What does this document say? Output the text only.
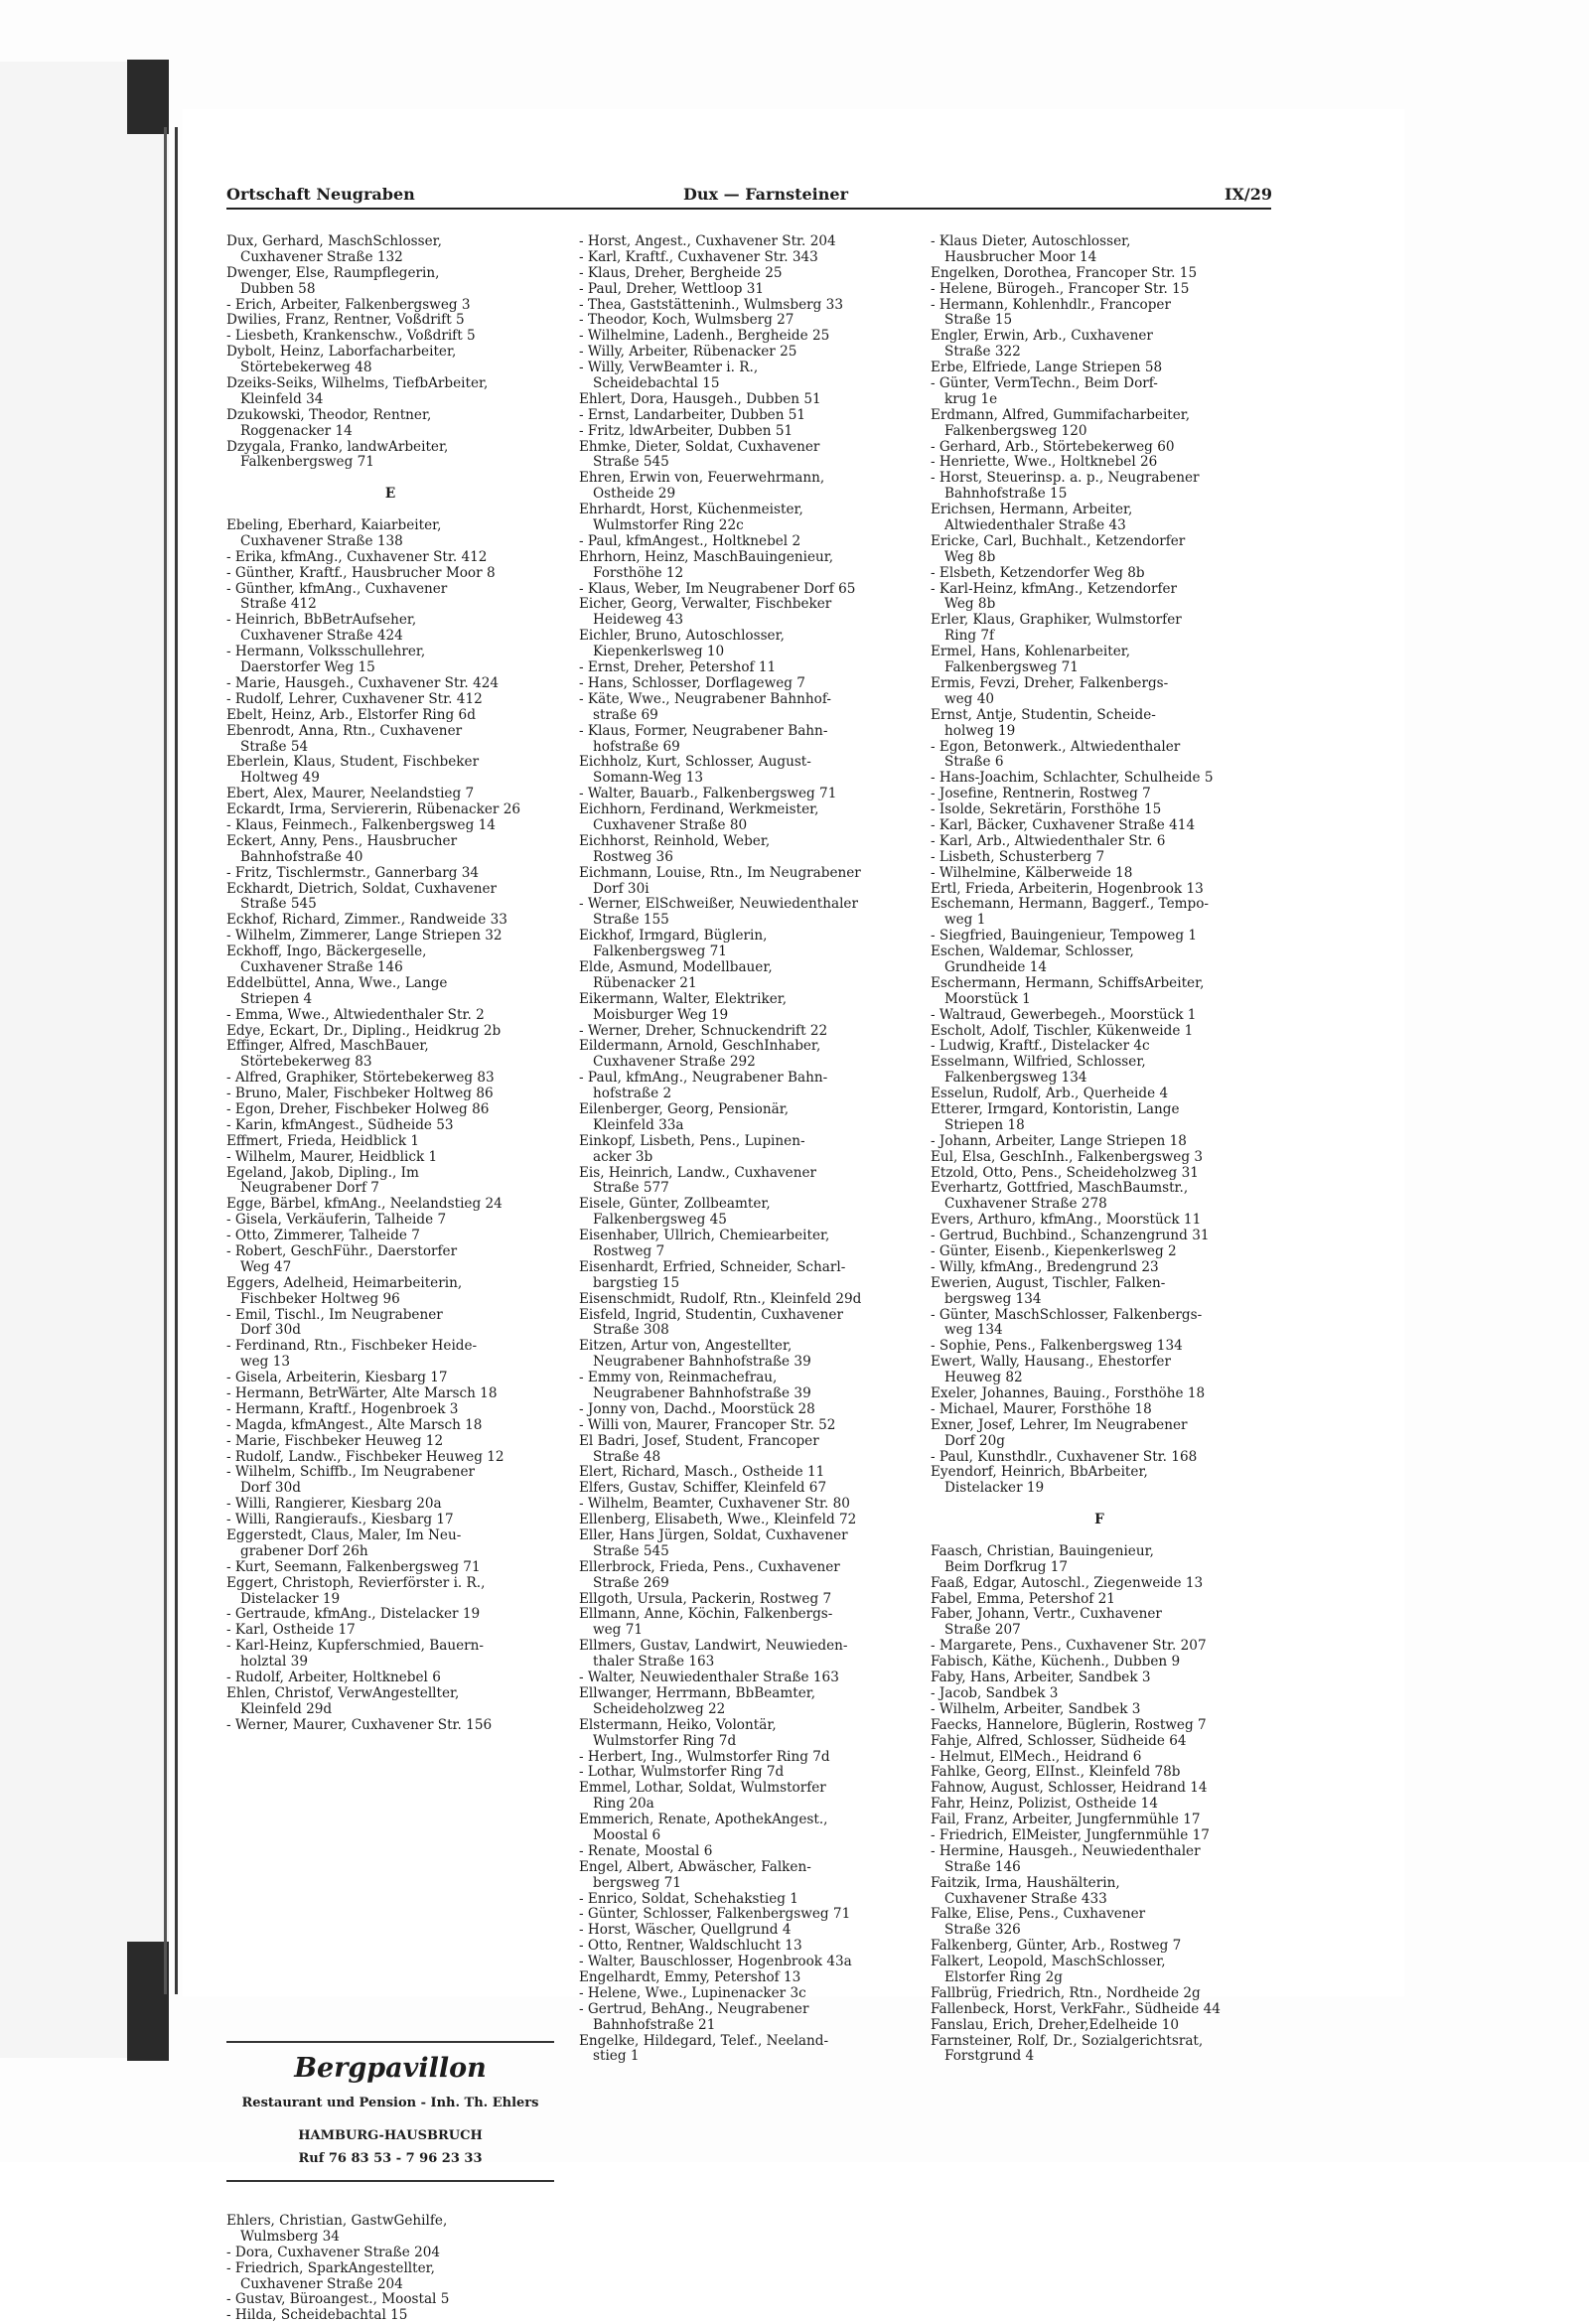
Ortschaft Neugraben	Dux — Farnsteiner	IX/29
Dux, Gerhard, MaschSchlosser,
Cuxhavener Straße 132
Dwenger, Else, Raumpflegerin,
Dubben 58
- Erich, Arbeiter, Falkenbergsweg 3
Dwilies, Franz, Rentner, Voßdrift 5
- Liesbeth, Krankenschw., Voßdrift 5
Dybolt, Heinz, Laborfacharbeiter,
Störtebekerweg 48
Dzeiks-Seiks, Wilhelms, TiefbArbeiter,
Kleinfeld 34
Dzukowski, Theodor, Rentner,
Roggenacker 14
Dzygala, Franko, landwArbeiter,
Falkenbergsweg 71
E
Ebeling, Eberhard, Kaiarbeiter,
Cuxhavener Straße 138
- Erika, kfmAng., Cuxhavener Str. 412
- Günther, Kraftf., Hausbrucher Moor 8
- Günther, kfmAng., Cuxhavener
Straße 412
- Heinrich, BbBetrAufseher,
Cuxhavener Straße 424
- Hermann, Volksschullehrer,
Daerstorfer Weg 15
- Marie, Hausgeh., Cuxhavener Str. 424
- Rudolf, Lehrer, Cuxhavener Str. 412
Ebelt, Heinz, Arb., Elstorfer Ring 6d
Ebenrodt, Anna, Rtn., Cuxhavener
Straße 54
Eberlein, Klaus, Student, Fischbeker
Holtweg 49
Ebert, Alex, Maurer, Neelandstieg 7
Eckardt, Irma, Serviererin, Rübenacker 26
- Klaus, Feinmech., Falkenbergsweg 14
Eckert, Anny, Pens., Hausbrucher
Bahnhofstraße 40
- Fritz, Tischlermstr., Gannerbarg 34
Eckhardt, Dietrich, Soldat, Cuxhavener
Straße 545
Eckhof, Richard, Zimmer., Randweide 33
- Wilhelm, Zimmerer, Lange Striepen 32
Eckhoff, Ingo, Bäckergeselle,
Cuxhavener Straße 146
Eddelbüttel, Anna, Wwe., Lange
Striepen 4
- Emma, Wwe., Altwiedenthaler Str. 2
Edye, Eckart, Dr., Dipling., Heidkrug 2b
Effinger, Alfred, MaschBauer,
Störtebekerweg 83
- Alfred, Graphiker, Störtebekerweg 83
- Bruno, Maler, Fischbeker Holtweg 86
- Egon, Dreher, Fischbeker Holweg 86
- Karin, kfmAngest., Südheide 53
Effmert, Frieda, Heidblick 1
- Wilhelm, Maurer, Heidblick 1
Egeland, Jakob, Dipling., Im
Neugrabener Dorf 7
Egge, Bärbel, kfmAng., Neelandstieg 24
- Gisela, Verkäuferin, Talheide 7
- Otto, Zimmerer, Talheide 7
- Robert, GeschFühr., Daerstorfer
Weg 47
Eggers, Adelheid, Heimarbeiterin,
Fischbeker Holtweg 96
- Emil, Tischl., Im Neugrabener
Dorf 30d
- Ferdinand, Rtn., Fischbeker Heide-
weg 13
- Gisela, Arbeiterin, Kiesbarg 17
- Hermann, BetrWärter, Alte Marsch 18
- Hermann, Kraftf., Hogenbroek 3
- Magda, kfmAngest., Alte Marsch 18
- Marie, Fischbeker Heuweg 12
- Rudolf, Landw., Fischbeker Heuweg 12
- Wilhelm, Schiffb., Im Neugrabener
Dorf 30d
- Willi, Rangierer, Kiesbarg 20a
- Willi, Rangieraufs., Kiesbarg 17
Eggerstedt, Claus, Maler, Im Neu-
grabener Dorf 26h
- Kurt, Seemann, Falkenbergsweg 71
Eggert, Christoph, Revierförster i. R.,
Distelacker 19
- Gertraude, kfmAng., Distelacker 19
- Karl, Ostheide 17
- Karl-Heinz, Kupferschmied, Bauern-
holztal 39
- Rudolf, Arbeiter, Holtknebel 6
Ehlen, Christof, VerwAngestellter,
Kleinfeld 29d
- Werner, Maurer, Cuxhavener Str. 156
Bergpavillon
Restaurant und Pension - Inh. Th. Ehlers
HAMBURG-HAUSBRUCH
Ruf 76 83 53 - 7 96 23 33
Ehlers, Christian, GastwGehilfe,
Wulmsberg 34
- Dora, Cuxhavener Straße 204
- Friedrich, SparkAngestellter,
Cuxhavener Straße 204
- Gustav, Büroangest., Moostal 5
- Hilda, Scheidebachtal 15
- Horst, Angest., Cuxhavener Str. 204
- Karl, Kraftf., Cuxhavener Str. 343
- Klaus, Dreher, Bergheide 25
- Paul, Dreher, Wettloop 31
- Thea, Gaststätteninh., Wulmsberg 33
- Theodor, Koch, Wulmsberg 27
- Wilhelmine, Ladenh., Bergheide 25
- Willy, Arbeiter, Rübenacker 25
- Willy, VerwBeamter i. R.,
Scheidebachtal 15
Ehlert, Dora, Hausgeh., Dubben 51
- Ernst, Landarbeiter, Dubben 51
- Fritz, ldwArbeiter, Dubben 51
Ehmke, Dieter, Soldat, Cuxhavener
Straße 545
Ehren, Erwin von, Feuerwehrmann,
Ostheide 29
Ehrhardt, Horst, Küchenmeister,
Wulmstorfer Ring 22c
- Paul, kfmAngest., Holtknebel 2
Ehrhorn, Heinz, MaschBauingenieur,
Forsthöhe 12
- Klaus, Weber, Im Neugrabener Dorf 65
Eicher, Georg, Verwalter, Fischbeker
Heideweg 43
Eichler, Bruno, Autoschlosser,
Kiepenkerlsweg 10
- Ernst, Dreher, Petershof 11
- Hans, Schlosser, Dorflageweg 7
- Käte, Wwe., Neugrabener Bahnhof-
straße 69
- Klaus, Former, Neugrabener Bahn-
hofstraße 69
Eichholz, Kurt, Schlosser, August-
Somann-Weg 13
- Walter, Bauarb., Falkenbergsweg 71
Eichhorn, Ferdinand, Werkmeister,
Cuxhavener Straße 80
Eichhorst, Reinhold, Weber,
Rostweg 36
Eichmann, Louise, Rtn., Im Neugrabener
Dorf 30i
- Werner, ElSchweißer, Neuwiedenthaler
Straße 155
Eickhof, Irmgard, Büglerin,
Falkenbergsweg 71
Elde, Asmund, Modellbauer,
Rübenacker 21
Eikermann, Walter, Elektriker,
Moisburger Weg 19
- Werner, Dreher, Schnuckendrift 22
Eildermann, Arnold, GeschInhaber,
Cuxhavener Straße 292
- Paul, kfmAng., Neugrabener Bahn-
hofstraße 2
Eilenberger, Georg, Pensionär,
Kleinfeld 33a
Einkopf, Lisbeth, Pens., Lupinen-
acker 3b
Eis, Heinrich, Landw., Cuxhavener
Straße 577
Eisele, Günter, Zollbeamter,
Falkenbergsweg 45
Eisenhaber, Ullrich, Chemiearbeiter,
Rostweg 7
Eisenhardt, Erfried, Schneider, Scharl-
bargstieg 15
Eisenschmidt, Rudolf, Rtn., Kleinfeld 29d
Eisfeld, Ingrid, Studentin, Cuxhavener
Straße 308
Eitzen, Artur von, Angestellter,
Neugrabener Bahnhofstraße 39
- Emmy von, Reinmachefrau,
Neugrabener Bahnhofstraße 39
- Jonny von, Dachd., Moorstück 28
- Willi von, Maurer, Francoper Str. 52
El Badri, Josef, Student, Francoper
Straße 48
Elert, Richard, Masch., Ostheide 11
Elfers, Gustav, Schiffer, Kleinfeld 67
- Wilhelm, Beamter, Cuxhavener Str. 80
Ellenberg, Elisabeth, Wwe., Kleinfeld 72
Eller, Hans Jürgen, Soldat, Cuxhavener
Straße 545
Ellerbrock, Frieda, Pens., Cuxhavener
Straße 269
Ellgoth, Ursula, Packerin, Rostweg 7
Ellmann, Anne, Köchin, Falkenbergs-
weg 71
Ellmers, Gustav, Landwirt, Neuwieden-
thaler Straße 163
- Walter, Neuwiedenthaler Straße 163
Ellwanger, Herrmann, BbBeamter,
Scheideholzweg 22
Elstermann, Heiko, Volontär,
Wulmstorfer Ring 7d
- Herbert, Ing., Wulmstorfer Ring 7d
- Lothar, Wulmstorfer Ring 7d
Emmel, Lothar, Soldat, Wulmstorfer
Ring 20a
Emmerich, Renate, ApothekAngest.,
Moostal 6
- Renate, Moostal 6
Engel, Albert, Abwäscher, Falken-
bergsweg 71
- Enrico, Soldat, Schehakstieg 1
- Günter, Schlosser, Falkenbergsweg 71
- Horst, Wäscher, Quellgrund 4
- Otto, Rentner, Waldschlucht 13
- Walter, Bauschlosser, Hogenbrook 43a
Engelhardt, Emmy, Petershof 13
- Helene, Wwe., Lupinenacker 3c
- Gertrud, BehAng., Neugrabener
Bahnhofstraße 21
Engelke, Hildegard, Telef., Neeland-
stieg 1
- Klaus Dieter, Autoschlosser,
Hausbrucher Moor 14
Engelken, Dorothea, Francoper Str. 15
- Helene, Bürogeh., Francoper Str. 15
- Hermann, Kohlenhdlr., Francoper
Straße 15
Engler, Erwin, Arb., Cuxhavener
Straße 322
Erbe, Elfriede, Lange Striepen 58
- Günter, VermTechn., Beim Dorf-
krug 1e
Erdmann, Alfred, Gummifacharbeiter,
Falkenbergsweg 120
- Gerhard, Arb., Störtebekerweg 60
- Henriette, Wwe., Holtknebel 26
- Horst, Steuerinsp. a. p., Neugrabener
Bahnhofstraße 15
Erichsen, Hermann, Arbeiter,
Altwiedenthaler Straße 43
Ericke, Carl, Buchhalt., Ketzendorfer
Weg 8b
- Elsbeth, Ketzendorfer Weg 8b
- Karl-Heinz, kfmAng., Ketzendorfer
Weg 8b
Erler, Klaus, Graphiker, Wulmstorfer
Ring 7f
Ermel, Hans, Kohlenarbeiter,
Falkenbergsweg 71
Ermis, Fevzi, Dreher, Falkenbergs-
weg 40
Ernst, Antje, Studentin, Scheide-
holweg 19
- Egon, Betonwerk., Altwiedenthaler
Straße 6
- Hans-Joachim, Schlachter, Schulheide 5
- Josefine, Rentnerin, Rostweg 7
- Isolde, Sekretärin, Forsthöhe 15
- Karl, Bäcker, Cuxhavener Straße 414
- Karl, Arb., Altwiedenthaler Str. 6
- Lisbeth, Schusterberg 7
- Wilhelmine, Kälberweide 18
Ertl, Frieda, Arbeiterin, Hogenbrook 13
Eschemann, Hermann, Baggerf., Tempo-
weg 1
- Siegfried, Bauingenieur, Tempoweg 1
Eschen, Waldemar, Schlosser,
Grundheide 14
Eschermann, Hermann, SchiffsArbeiter,
Moorstück 1
- Waltraud, Gewerbegeh., Moorstück 1
Escholt, Adolf, Tischler, Kükenweide 1
- Ludwig, Kraftf., Distelacker 4c
Esselmann, Wilfried, Schlosser,
Falkenbergsweg 134
Esselun, Rudolf, Arb., Querheide 4
Etterer, Irmgard, Kontoristin, Lange
Striepen 18
- Johann, Arbeiter, Lange Striepen 18
Eul, Elsa, GeschInh., Falkenbergsweg 3
Etzold, Otto, Pens., Scheideholzweg 31
Everhartz, Gottfried, MaschBaumstr.,
Cuxhavener Straße 278
Evers, Arthuro, kfmAng., Moorstück 11
- Gertrud, Buchbind., Schanzengrund 31
- Günter, Eisenb., Kiepenkerlsweg 2
- Willy, kfmAng., Bredengrund 23
Ewerien, August, Tischler, Falken-
bergsweg 134
- Günter, MaschSchlosser, Falkenbergs-
weg 134
- Sophie, Pens., Falkenbergsweg 134
Ewert, Wally, Hausang., Ehestorfer
Heuweg 82
Exeler, Johannes, Bauing., Forsthöhe 18
- Michael, Maurer, Forsthöhe 18
Exner, Josef, Lehrer, Im Neugrabener
Dorf 20g
- Paul, Kunsthdlr., Cuxhavener Str. 168
Eyendorf, Heinrich, BbArbeiter,
Distelacker 19
F
Faasch, Christian, Bauingenieur,
Beim Dorfkrug 17
Faaß, Edgar, Autoschl., Ziegenweide 13
Fabel, Emma, Petershof 21
Faber, Johann, Vertr., Cuxhavener
Straße 207
- Margarete, Pens., Cuxhavener Str. 207
Fabisch, Käthe, Küchenh., Dubben 9
Faby, Hans, Arbeiter, Sandbek 3
- Jacob, Sandbek 3
- Wilhelm, Arbeiter, Sandbek 3
Faecks, Hannelore, Büglerin, Rostweg 7
Fahje, Alfred, Schlosser, Südheide 64
- Helmut, ElMech., Heidrand 6
Fahlke, Georg, ElInst., Kleinfeld 78b
Fahnow, August, Schlosser, Heidrand 14
Fahr, Heinz, Polizist, Ostheide 14
Fail, Franz, Arbeiter, Jungfernmühle 17
- Friedrich, ElMeister, Jungfernmühle 17
- Hermine, Hausgeh., Neuwiedenthaler
Straße 146
Faitzik, Irma, Haushälterin,
Cuxhavener Straße 433
Falke, Elise, Pens., Cuxhavener
Straße 326
Falkenberg, Günter, Arb., Rostweg 7
Falkert, Leopold, MaschSchlosser,
Elstorfer Ring 2g
Fallbrüg, Friedrich, Rtn., Nordheide 2g
Fallenbeck, Horst, VerkFahr., Südheide 44
Fanslau, Erich, Dreher,Edelheide 10
Farnsteiner, Rolf, Dr., Sozialgerichtsrat,
Forstgrund 4
